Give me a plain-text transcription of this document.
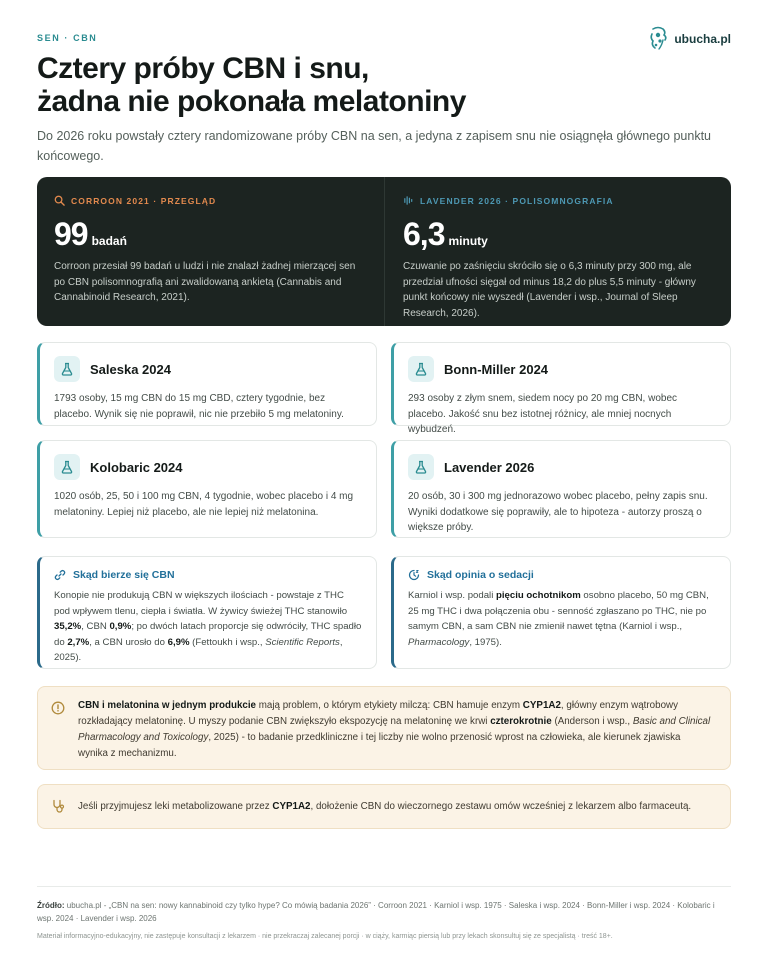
SEN · CBN	ubucha.pl
Cztery próby CBN i snu,
żadna nie pokonała melatoniny

Do 2026 roku powstały cztery randomizowane próby CBN na sen, a jedyna z zapisem snu nie osiągnęła głównego punktu końcowego.

CORROON 2021 · PRZEGLĄD
99 badań

Corroon przesiał 99 badań u ludzi i nie znalazł żadnej mierzącej sen po CBN polisomnografią ani zwalidowaną ankietą (Cannabis and Cannabinoid Research, 2021).

LAVENDER 2026 · POLISOMNOGRAFIA
6,3 minuty

Czuwanie po zaśnięciu skróciło się o 6,3 minuty przy 300 mg, ale przedział ufności sięgał od minus 18,2 do plus 5,5 minuty - główny punkt końcowy nie wyszedł (Lavender i wsp., Journal of Sleep Research, 2026).

Saleska 2024

1793 osoby, 15 mg CBN do 15 mg CBD, cztery tygodnie, bez placebo. Wynik się nie poprawił, nic nie przebiło 5 mg melatoniny.

Bonn-Miller 2024

293 osoby z złym snem, siedem nocy po 20 mg CBN, wobec placebo. Jakość snu bez istotnej różnicy, ale mniej nocnych wybudzeń.

Kolobaric 2024

1020 osób, 25, 50 i 100 mg CBN, 4 tygodnie, wobec placebo i 4 mg melatoniny. Lepiej niż placebo, ale nie lepiej niż melatonina.

Lavender 2026

20 osób, 30 i 300 mg jednorazowo wobec placebo, pełny zapis snu. Wyniki dodatkowe się poprawiły, ale to hipoteza - autorzy proszą o większe próby.

Skąd bierze się CBN

Konopie nie produkują CBN w większych ilościach - powstaje z THC pod wpływem tlenu, ciepła i światła. W żywicy świeżej THC stanowiło 35,2%, CBN 0,9%; po dwóch latach proporcje się odwróciły, THC spadło do 2,7%, a CBN urosło do 6,9% (Fettoukh i wsp., Scientific Reports, 2025).

Skąd opinia o sedacji

Karniol i wsp. podali pięciu ochotnikom osobno placebo, 50 mg CBN, 25 mg THC i dwa połączenia obu - senność zgłaszano po THC, nie po samym CBN, a sam CBN nie zmienił nawet tętna (Karniol i wsp., Pharmacology, 1975).

CBN i melatonina w jednym produkcie mają problem, o którym etykiety milczą: CBN hamuje enzym CYP1A2, główny enzym wątrobowy rozkładający melatoninę. U myszy podanie CBN zwiększyło ekspozycję na melatoninę we krwi czterokrotnie (Anderson i wsp., Basic and Clinical Pharmacology and Toxicology, 2025) - to badanie przedkliniczne i tej liczby nie wolno przenosić wprost na człowieka, ale kierunek zjawiska wynika z mechanizmu.

Jeśli przyjmujesz leki metabolizowane przez CYP1A2, dołożenie CBN do wieczornego zestawu omów wcześniej z lekarzem albo farmaceutą.

Źródło: ubucha.pl - „CBN na sen: nowy kannabinoid czy tylko hype? Co mówią badania 2026” · Corroon 2021 · Karniol i wsp. 1975 · Saleska i wsp. 2024 · Bonn-Miller i wsp. 2024 · Kolobaric i wsp. 2024 · Lavender i wsp. 2026

Materiał informacyjno-edukacyjny, nie zastępuje konsultacji z lekarzem · nie przekraczaj zalecanej porcji · w ciąży, karmiąc piersią lub przy lekach skonsultuj się ze specjalistą · treść 18+.
